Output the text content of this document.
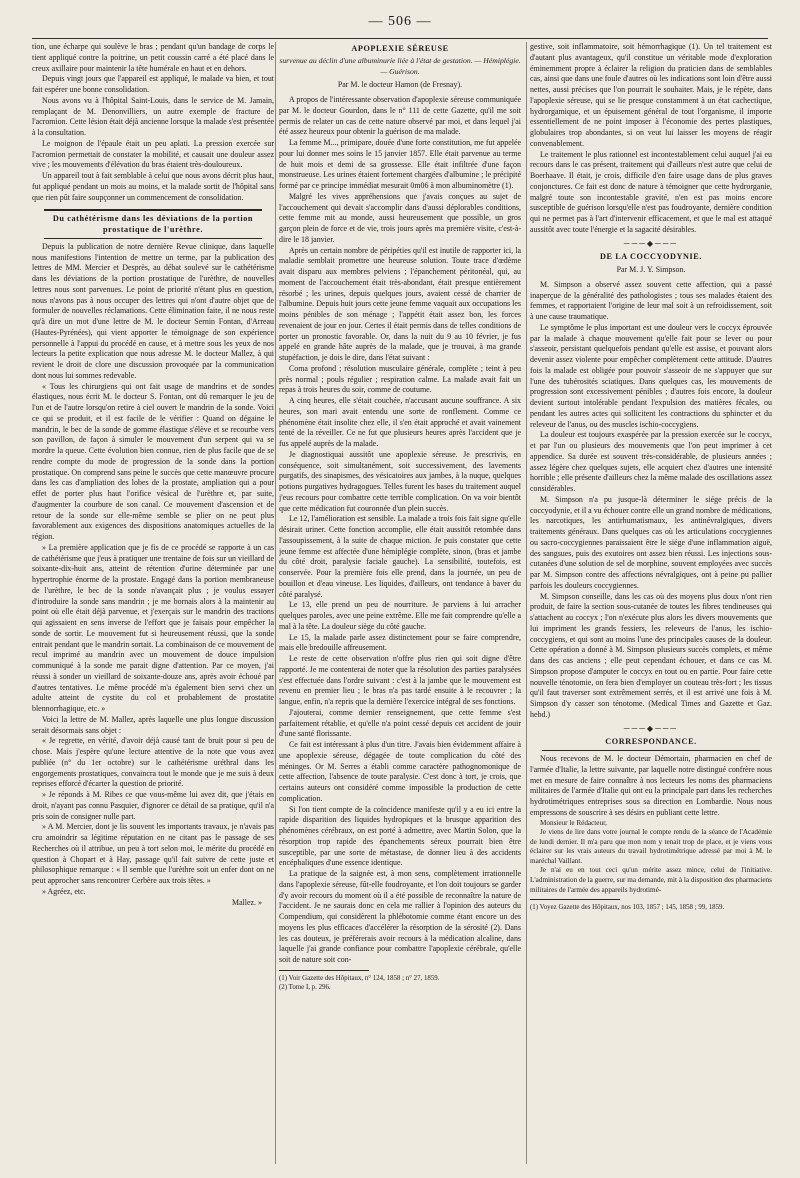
— 506 —

tion, une écharpe qui soulève le bras ; pendant qu'un bandage de corps le tient appliqué contre la poitrine, un petit coussin carré a été placé dans le creux axillaire pour maintenir la tête humérale en haut et en dehors.

Depuis vingt jours que l'appareil est appliqué, le malade va bien, et tout fait espérer une bonne consolidation.

Nous avons vu à l'hôpital Saint-Louis, dans le service de M. Jamain, remplaçant de M. Denonvilliers, un autre exemple de fracture de l'acromion. Cette lésion était déjà ancienne lorsque la malade s'est présentée à la consultation.

Le moignon de l'épaule était un peu aplati. La pression exercée sur l'acromion permettait de constater la mobilité, et causait une douleur assez vive ; les mouvements d'élévation du bras étaient très-douloureux.

Un appareil tout à fait semblable à celui que nous avons décrit plus haut, fut appliqué pendant un mois au moins, et la malade sortit de l'hôpital sans que rien pût faire soupçonner un commencement de consolidation.

Du cathétérisme dans les déviations de la portion prostatique de l'urèthre.

Depuis la publication de notre dernière Revue clinique, dans laquelle nous manifestions l'intention de mettre un terme, par la publication des lettres de MM. Mercier et Desprès, au débat soulevé sur le cathétérisme dans les déviations de la portion prostatique de l'urèthre, de nouvelles lettres nous sont parvenues. Le point de priorité n'étant plus en question, nous n'avons pas à nous occuper des lettres qui n'ont d'autre objet que de formuler de nouvelles réclamations. Cette élimination faite, il ne nous reste qu'à dire un mot d'une lettre de M. le docteur Sernin Fontan, d'Arreau (Hautes-Pyrénées), qui vient apporter le témoignage de son expérience personnelle à l'appui du procédé en cause, et à mettre sous les yeux de nos lecteurs la petite explication que nous adresse M. le docteur Mallez, à qui revient le droit de clore une discussion provoquée par la communication dont nous lui sommes redevable.

« Tous les chirurgiens qui ont fait usage de mandrins et de sondes élastiques, nous écrit M. le docteur S. Fontan, ont dû remarquer le jeu de l'un et de l'autre lorsqu'on retire à ciel ouvert le mandrin de la sonde. Voici ce qui se produit, et il est facile de le vérifier : Quand on dégaine le mandrin, le bec de la sonde de gomme élastique s'élève et se recourbe vers son pavillon, de façon à simuler le mouvement d'un serpent qui va se mordre la queue. Cette évolution bien connue, rien de plus facile que de se rendre compte du mode de progression de la sonde dans la portion prostatique. On comprend sans peine le succès que cette manœuvre procure dans les cas d'ampliation des lobes de la prostate, ampliation qui a pour effet de porter plus haut l'orifice vésical de l'urèthre et, par suite, d'augmenter la courbure de son canal. Ce mouvement d'ascension et de retour de la sonde sur elle-même semble se plier on ne peut plus favorablement aux exigences des dispositions anatomiques actuelles de la région.

» La première application que je fis de ce procédé se rapporte à un cas de cathétérisme que j'eus à pratiquer une trentaine de fois sur un vieillard de soixante-dix-huit ans, atteint de rétention d'urine déterminée par une hypertrophie énorme de la prostate. Engagé dans la portion membraneuse de l'urèthre, le bec de la sonde n'avançait plus ; je voulus essayer d'introduire la sonde sans mandrin ; je me bornais alors à la maintenir au point où elle était déjà parvenue, et j'exerçais sur le mandrin des tractions qui agissaient en sens inverse de l'effort que je faisais pour empêcher la sonde de sortir. Le mouvement fut si heureusement réussi, que la sonde entrait pendant que le mandrin sortait. La combinaison de ce mouvement de recul imprimé au mandrin avec un mouvement de douce impulsion communiqué à la sonde me parait digne d'attention. Par ce moyen, j'ai réussi à sonder un vieillard de soixante-douze ans, après avoir échoué par d'autres tentatives. Le même procédé m'a également bien servi chez un adulte atteint de cystite du col et probablement de prostatite blennorrhagique, etc. »

Voici la lettre de M. Mallez, après laquelle une plus longue discussion serait désormais sans objet :

« Je regrette, en vérité, d'avoir déjà causé tant de bruit pour si peu de chose. Mais j'espère qu'une lecture attentive de la note que vous avez publiée (n° du 1er octobre) sur le cathétérisme uréthral dans les engorgements prostatiques, convaincra tout le monde que je me suis à deux reprises efforcé d'écarter la question de priorité.

» Je réponds à M. Ribes ce que vous-même lui avez dit, que j'étais en droit, n'ayant pas connu Pasquier, d'ignorer ce détail de sa pratique, qu'il n'a pris soin de consigner nulle part.

» A M. Mercier, dont je lis souvent les importants travaux, je n'avais pas cru amoindrir sa légitime réputation en ne citant pas le passage de ses Recherches où il attribue, un peu à tort selon moi, le mérite du procédé en question à Chopart et à Hay, passage qu'il fait suivre de cette juste et philosophique remarque : « Il semble que l'urèthre soit un enfer dont on ne peut approcher sans rencontrer Cerbère aux trois têtes. »

» Agréez, etc.

Mallez. »
APOPLEXIE SÉREUSE
survenue au déclin d'une albuminurie liée à l'état de gestation. — Hémiplégie. — Guérison.
Par M. le docteur Hamon (de Fresnay).

A propos de l'intéressante observation d'apoplexie séreuse communiquée par M. le docteur Gourdon, dans le n° 111 de cette Gazette, qu'il me soit permis de relater un cas de cette nature observé par moi, et dans lequel j'ai été assez heureux pour obtenir la guérison de ma malade.

La femme M..., primipare, douée d'une forte constitution, me fut appelée pour lui donner mes soins le 15 janvier 1857. Elle était parvenue au terme de huit mois et demi de sa grossesse. Elle était infiltrée d'une façon monstrueuse. Les urines étaient fortement chargées d'albumine ; le précipité formé par ce principe immédiat mesurait 0m06 à mon albuminomètre (1).

Malgré les vives appréhensions que j'avais conçues au sujet de l'accouchement qui devait s'accomplir dans d'aussi déplorables conditions, cette femme mit au monde, aussi heureusement que possible, un gros garçon plein de force et de vie, trois jours après ma première visite, c'est-à-dire le 18 janvier.

Après un certain nombre de péripéties qu'il est inutile de rapporter ici, la maladie semblait promettre une heureuse solution. Toute trace d'œdème avait disparu aux membres pelviens ; l'épanchement péritonéal, qui, au moment de l'accouchement était très-abondant, était presque entièrement résorbé ; les urines, depuis quelques jours, avaient cessé de charrier de l'albumine. Depuis huit jours cette jeune femme vaquait aux occupations les moins pénibles de son ménage ; l'appétit était assez bon, les forces revenaient de jour en jour. Certes il était permis dans de telles conditions de porter un pronostic favorable. Or, dans la nuit du 9 au 10 février, je fus appelé en grande hâte auprès de la malade, que je trouvai, à ma grande stupéfaction, je dois le dire, dans l'état suivant :

Coma profond ; résolution musculaire générale, complète ; teint à peu près normal ; pouls régulier ; respiration calme. La malade avait fait un repas à trois heures du soir, comme de coutume.

A cinq heures, elle s'était couchée, n'accusant aucune souffrance. A six heures, son mari avait entendu une sorte de ronflement. Comme ce phénomène était insolite chez elle, il s'en était approché et avait vainement tenté de la réveiller. Ce ne fut que plusieurs heures après l'accident que je fus appelé auprès de la malade.

Je diagnostiquai aussitôt une apoplexie séreuse. Je prescrivis, en conséquence, soit simultanément, soit successivement, des lavements purgatifs, des sinapismes, des vésicatoires aux jambes, à la nuque, quelques potions purgatives hydragogues. Telles furent les bases du traitement auquel j'eus recours pour combattre cette terrible complication. On va voir bientôt que cette médication fut couronnée d'un plein succès.

Le 12, l'amélioration est sensible. La malade a trois fois fait signe qu'elle désirait uriner. Cette fonction accomplie, elle était aussitôt retombée dans l'assoupissement, à la suite de chaque miction. Je puis constater que cette jeune femme est affectée d'une hémiplégie complète, sinon, (bras et jambe du côté droit, paralysie faciale gauche). La sensibilité, toutefois, est conservée. Pour la première fois elle prend, dans la journée, un peu de bouillon et d'eau vineuse. Les liquides, d'ailleurs, ont tendance à baver du côté paralysé.

Le 13, elle prend un peu de nourriture. Je parviens à lui arracher quelques paroles, avec une peine extrême. Elle me fait comprendre qu'elle a mal à la tête. La douleur siège du côté gauche.

Le 15, la malade parle assez distinctement pour se faire comprendre, mais elle bredouille affreusement.

Le reste de cette observation n'offre plus rien qui soit digne d'être rapporté. Je me contenterai de noter que la résolution des parties paralysées s'est effectuée dans l'ordre suivant : c'est à la jambe que le mouvement est revenu en premier lieu ; le bras n'a pas tardé ensuite à le recouvrer ; la langue, enfin, n'a repris que la dernière l'exercice intégral de ses fonctions.

J'ajouterai, comme dernier renseignement, que cette femme s'est parfaitement rétablie, et qu'elle n'a point cessé depuis cet accident de jouir d'une santé florissante.

Ce fait est intéressant à plus d'un titre. J'avais bien évidemment affaire à une apoplexie séreuse, dégagée de toute complication du côté des méninges. Or M. Serres a établi comme caractère pathognomonique de cette affection, l'absence de toute paralysie. C'est donc à tort, je crois, que certains auteurs ont considéré comme impossible la production de cette complication.

Si l'on tient compte de la coïncidence manifeste qu'il y a eu ici entre la rapide disparition des liquides hydropiques et la brusque apparition des phénomènes cérébraux, on est porté à admettre, avec Martin Solon, que la résorption trop rapide des épanchements séreux pourrait bien être susceptible, par une sorte de métastase, de donner lieu à des accidents encéphaliques d'une essence identique.

La pratique de la saignée est, à mon sens, complètement irrationnelle dans l'apoplexie séreuse, fût-elle foudroyante, et l'on doit toujours se garder d'y avoir recours du moment où il a été possible de reconnaître la nature de l'accident. Je ne saurais donc en cela me rallier à l'opinion des auteurs du Compendium, qui considèrent la phlébotomie comme étant encore un des moyens les plus efficaces d'accélérer la résorption de la sérosité (2). Dans les cas douteux, je préférerais avoir recours à la médication alcaline, dans laquelle j'ai grande confiance pour combattre l'apoplexie cérébrale, qu'elle soit de nature soit con-

(1) Voir Gazette des Hôpitaux, n° 124, 1858 ; n° 27, 1859.

(2) Tome I, p. 296.

gestive, soit inflammatoire, soit hémorrhagique (1). Un tel traitement est d'autant plus avantageux, qu'il constitue un véritable mode d'exploration éminemment propre à éclairer la religion du praticien dans de semblables cas, ainsi que dans une foule d'autres où les indications sont loin d'être aussi nettes, aussi précises que l'on pourrait le souhaiter. Mais, je le répète, dans l'apoplexie séreuse, qui se lie presque constamment à un état cachectique, hydrorgamique, et un épuisement général de tout l'organisme, il importe essentiellement de ne point imposer à l'économie des pertes plastiques, globulaires trop abondantes, si on veut lui laisser les moyens de réagir convenablement.

Le traitement le plus rationnel est incontestablement celui auquel j'ai eu recours dans le cas présent, traitement qui d'ailleurs n'est autre que celui de Boerhaave. Il était, je crois, difficile d'en faire usage dans de plus graves conjonctures. Ce fait est donc de nature à témoigner que cette hydrorganie, malgré toute son incontestable gravité, n'en est pas moins encore susceptible de guérison lorsqu'elle n'est pas foudroyante, dernière condition qui ne permet pas à l'art d'intervenir efficacement, et que le mal est attaqué aussitôt avec toute l'énergie et la sagacité désirables.

───◆───
DE LA COCCYODYNIE.
Par M. J. Y. Simpson.

M. Simpson a observé assez souvent cette affection, qui a passé inaperçue de la généralité des pathologistes ; tous ses malades étaient des femmes, et rapportaient l'origine de leur mal soit à un refroidissement, soit à une cause traumatique.

Le symptôme le plus important est une douleur vers le coccyx éprouvée par la malade à chaque mouvement qu'elle fait pour se lever ou pour s'asseoir, persistant quelquefois pendant qu'elle est assise, et pouvant alors devenir assez violente pour empêcher complètement cette attitude. D'autres fois la malade est obligée pour pouvoir s'asseoir de ne s'appuyer que sur l'une des tubérosités sciatiques. Dans quelques cas, les mouvements de progression sont excessivement pénibles ; d'autres fois encore, la douleur devient surtout intolérable pendant l'expulsion des matières fécales, ou pendant les autres actes qui sollicitent les contractions du sphincter et du releveur de l'anus, ou des muscles ischio-coccygiens.

La douleur est toujours exaspérée par la pression exercée sur le coccyx, et par l'un ou plusieurs des mouvements que l'on peut imprimer à cet appendice. Sa durée est souvent très-considérable, de plusieurs années ; assez légère chez quelques sujets, elle acquiert chez d'autres une intensité horrible ; elle présente d'ailleurs chez la même malade des oscillations assez considérables.

M. Simpson n'a pu jusque-là déterminer le siége précis de la coccyodynie, et il a vu échouer contre elle un grand nombre de médications, les narcotiques, les antirhumatismaux, les antinévralgiques, divers traitements généraux. Dans quelques cas où les articulations coccygiennes ou sacro-coccygiennes paraissaient être le siége d'une inflammation aiguë, des sangsues, puis des exutoires ont assez bien réussi. Les injections sous-cutanées d'une solution de sel de morphine, souvent employées avec succès par M. Simpson contre des affections névralgiques, ont à peine pu pallier parfois les douleurs coccygiennes.

M. Simpson conseille, dans les cas où des moyens plus doux n'ont rien produit, de faire la section sous-cutanée de toutes les fibres tendineuses qui s'attachent au coccyx ; l'on n'exécute plus alors les divers mouvements que lui impriment les grands fessiers, les releveurs de l'anus, les ischio-coccygiens, et qui sont au moins l'une des principales causes de la douleur. Cette opération a donné à M. Simpson plusieurs succès complets, et même dans des cas anciens ; elle peut cependant échouer, et dans ce cas M. Simpson propose d'amputer le coccyx en tout ou en partie. Pour faire cette nouvelle ténotomie, on fera bien d'employer un couteau très-fort ; les tissus qu'il faut traverser sont extrêmement serrés, et il est arrivé une fois à M. Simpson d'y casser son ténotome. (Medical Times and Gazette et Gaz. hebd.)

───◆───
CORRESPONDANCE.

Nous recevons de M. le docteur Démortain, pharmacien en chef de l'armée d'Italie, la lettre suivante, par laquelle notre distingué confrère nous met en mesure de faire connaître à nos lecteurs les noms des pharmaciens militaires de l'armée d'Italie qui ont eu la principale part dans les recherches hydrotimétriques entreprises sous sa direction en Lombardie. Nous nous empressons de souscrire à ses désirs en publiant cette lettre.

Monsieur le Rédacteur,

Je viens de lire dans votre journal le compte rendu de la séance de l'Académie de lundi dernier. Il m'a paru que mon nom y tenait trop de place, et je viens vous éclairer sur les vrais auteurs du travail hydrotimétrique adressé par moi à M. le maréchal Vaillant.

Je n'ai eu en tout ceci qu'un mérite assez mince, celui de l'initiative. L'administration de la guerre, sur ma demande, mit à la disposition des pharmaciens militaires de l'armée des appareils hydrotimé-

(1) Voyez Gazette des Hôpitaux, nos 103, 1857 ; 145, 1858 ; 99, 1859.
